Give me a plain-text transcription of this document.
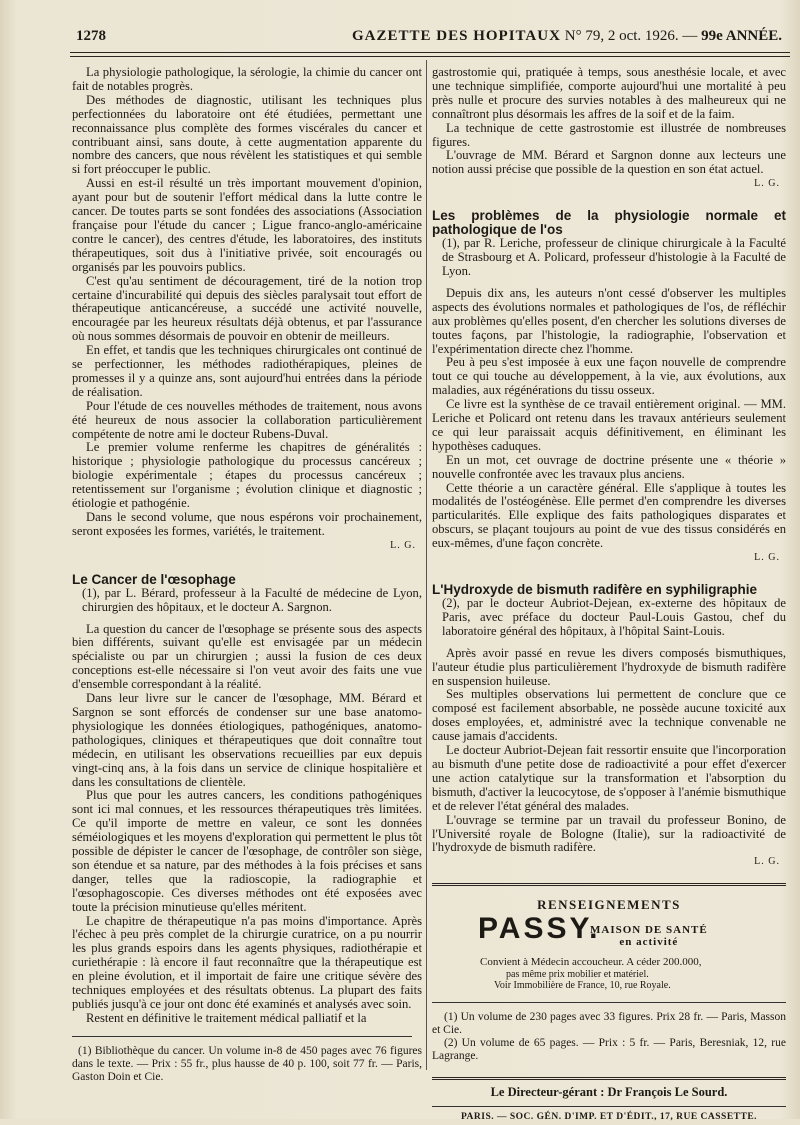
1278	GAZETTE DES HOPITAUX N° 79, 2 oct. 1926. — 99e ANNÉE.

La physiologie pathologique, la sérologie, la chimie du cancer ont fait de notables progrès.

Des méthodes de diagnostic, utilisant les techniques plus perfectionnées du laboratoire ont été étudiées, permettant une reconnaissance plus complète des formes viscérales du cancer et contribuant ainsi, sans doute, à cette augmentation apparente du nombre des cancers, que nous révèlent les statistiques et qui semble si fort préoccuper le public.

Aussi en est-il résulté un très important mouvement d'opinion, ayant pour but de soutenir l'effort médical dans la lutte contre le cancer. De toutes parts se sont fondées des associations (Association française pour l'étude du cancer ; Ligue franco-anglo-américaine contre le cancer), des centres d'étude, les laboratoires, des instituts thérapeutiques, soit dus à l'initiative privée, soit encouragés ou organisés par les pouvoirs publics.

C'est qu'au sentiment de découragement, tiré de la notion trop certaine d'incurabilité qui depuis des siècles paralysait tout effort de thérapeutique anticancéreuse, a succédé une activité nouvelle, encouragée par les heureux résultats déjà obtenus, et par l'assurance où nous sommes désormais de pouvoir en obtenir de meilleurs.

En effet, et tandis que les techniques chirurgicales ont continué de se perfectionner, les méthodes radiothérapiques, pleines de promesses il y a quinze ans, sont aujourd'hui entrées dans la période de réalisation.

Pour l'étude de ces nouvelles méthodes de traitement, nous avons été heureux de nous associer la collaboration particulièrement compétente de notre ami le docteur Rubens-Duval.

Le premier volume renferme les chapitres de généralités : historique ; physiologie pathologique du processus cancéreux ; biologie expérimentale ; étapes du processus cancéreux ; retentissement sur l'organisme ; évolution clinique et diagnostic ; étiologie et pathogénie.

Dans le second volume, que nous espérons voir prochainement, seront exposées les formes, variétés, le traitement.

L. G.

Le Cancer de l'œsophage

(1), par L. Bérard, professeur à la Faculté de médecine de Lyon, chirurgien des hôpitaux, et le docteur A. Sargnon.

La question du cancer de l'œsophage se présente sous des aspects bien différents, suivant qu'elle est envisagée par un médecin spécialiste ou par un chirurgien ; aussi la fusion de ces deux conceptions est-elle nécessaire si l'on veut avoir des faits une vue d'ensemble correspondant à la réalité.

Dans leur livre sur le cancer de l'œsophage, MM. Bérard et Sargnon se sont efforcés de condenser sur une base anatomo-physiologique les données étiologiques, pathogéniques, anatomo-pathologiques, cliniques et thérapeutiques que doit connaître tout médecin, en utilisant les observations recueillies par eux depuis vingt-cinq ans, à la fois dans un service de clinique hospitalière et dans les consultations de clientèle.

Plus que pour les autres cancers, les conditions pathogéniques sont ici mal connues, et les ressources thérapeutiques très limitées. Ce qu'il importe de mettre en valeur, ce sont les données séméiologiques et les moyens d'exploration qui permettent le plus tôt possible de dépister le cancer de l'œsophage, de contrôler son siège, son étendue et sa nature, par des méthodes à la fois précises et sans danger, telles que la radioscopie, la radiographie et l'œsophagoscopie. Ces diverses méthodes ont été exposées avec toute la précision minutieuse qu'elles méritent.

Le chapitre de thérapeutique n'a pas moins d'importance. Après l'échec à peu près complet de la chirurgie curatrice, on a pu nourrir les plus grands espoirs dans les agents physiques, radiothérapie et curiethérapie : là encore il faut reconnaître que la thérapeutique est en pleine évolution, et il importait de faire une critique sévère des techniques employées et des résultats obtenus. La plupart des faits publiés jusqu'à ce jour ont donc été examinés et analysés avec soin.

Restent en définitive le traitement médical palliatif et la

(1) Bibliothèque du cancer. Un volume in-8 de 450 pages avec 76 figures dans le texte. — Prix : 55 fr., plus hausse de 40 p. 100, soit 77 fr. — Paris, Gaston Doin et Cie.

gastrostomie qui, pratiquée à temps, sous anesthésie locale, et avec une technique simplifiée, comporte aujourd'hui une mortalité à peu près nulle et procure des survies notables à des malheureux qui ne connaîtront plus désormais les affres de la soif et de la faim.

La technique de cette gastrostomie est illustrée de nombreuses figures.

L'ouvrage de MM. Bérard et Sargnon donne aux lecteurs une notion aussi précise que possible de la question en son état actuel.

L. G.

Les problèmes de la physiologie normale et pathologique de l'os

(1), par R. Leriche, professeur de clinique chirurgicale à la Faculté de Strasbourg et A. Policard, professeur d'histologie à la Faculté de Lyon.

Depuis dix ans, les auteurs n'ont cessé d'observer les multiples aspects des évolutions normales et pathologiques de l'os, de réfléchir aux problèmes qu'elles posent, d'en chercher les solutions diverses de toutes façons, par l'histologie, la radiographie, l'observation et l'expérimentation directe chez l'homme.

Peu à peu s'est imposée à eux une façon nouvelle de comprendre tout ce qui touche au développement, à la vie, aux évolutions, aux maladies, aux régénérations du tissu osseux.

Ce livre est la synthèse de ce travail entièrement original. — MM. Leriche et Policard ont retenu dans les travaux antérieurs seulement ce qui leur paraissait acquis définitivement, en éliminant les hypothèses caduques.

En un mot, cet ouvrage de doctrine présente une « théorie » nouvelle confrontée avec les travaux plus anciens.

Cette théorie a un caractère général. Elle s'applique à toutes les modalités de l'ostéogénèse. Elle permet d'en comprendre les diverses particularités. Elle explique des faits pathologiques disparates et obscurs, se plaçant toujours au point de vue des tissus considérés en eux-mêmes, d'une façon concrète.

L. G.

L'Hydroxyde de bismuth radifère en syphiligraphie

(2), par le docteur Aubriot-Dejean, ex-externe des hôpitaux de Paris, avec préface du docteur Paul-Louis Gastou, chef du laboratoire général des hôpitaux, à l'hôpital Saint-Louis.

Après avoir passé en revue les divers composés bismuthiques, l'auteur étudie plus particulièrement l'hydroxyde de bismuth radifère en suspension huileuse.

Ses multiples observations lui permettent de conclure que ce composé est facilement absorbable, ne possède aucune toxicité aux doses employées, et, administré avec la technique convenable ne cause jamais d'accidents.

Le docteur Aubriot-Dejean fait ressortir ensuite que l'incorporation au bismuth d'une petite dose de radioactivité a pour effet d'exercer une action catalytique sur la transformation et l'absorption du bismuth, d'activer la leucocytose, de s'opposer à l'anémie bismuthique et de relever l'état général des malades.

L'ouvrage se termine par un travail du professeur Bonino, de l'Université royale de Bologne (Italie), sur la radioactivité de l'hydroxyde de bismuth radifère.

L. G.
RENSEIGNEMENTS
PASSY.
MAISON DE SANTÉ
en activité
Convient à Médecin accoucheur. A céder 200.000,
pas même prix mobilier et matériel.
Voir Immobilière de France, 10, rue Royale.

(1) Un volume de 230 pages avec 33 figures. Prix 28 fr. — Paris, Masson et Cie.

(2) Un volume de 65 pages. — Prix : 5 fr. — Paris, Beresniak, 12, rue Lagrange.

Le Directeur-gérant : Dr François Le Sourd.
PARIS. — SOC. GÉN. D'IMP. ET D'ÉDIT., 17, RUE CASSETTE.
